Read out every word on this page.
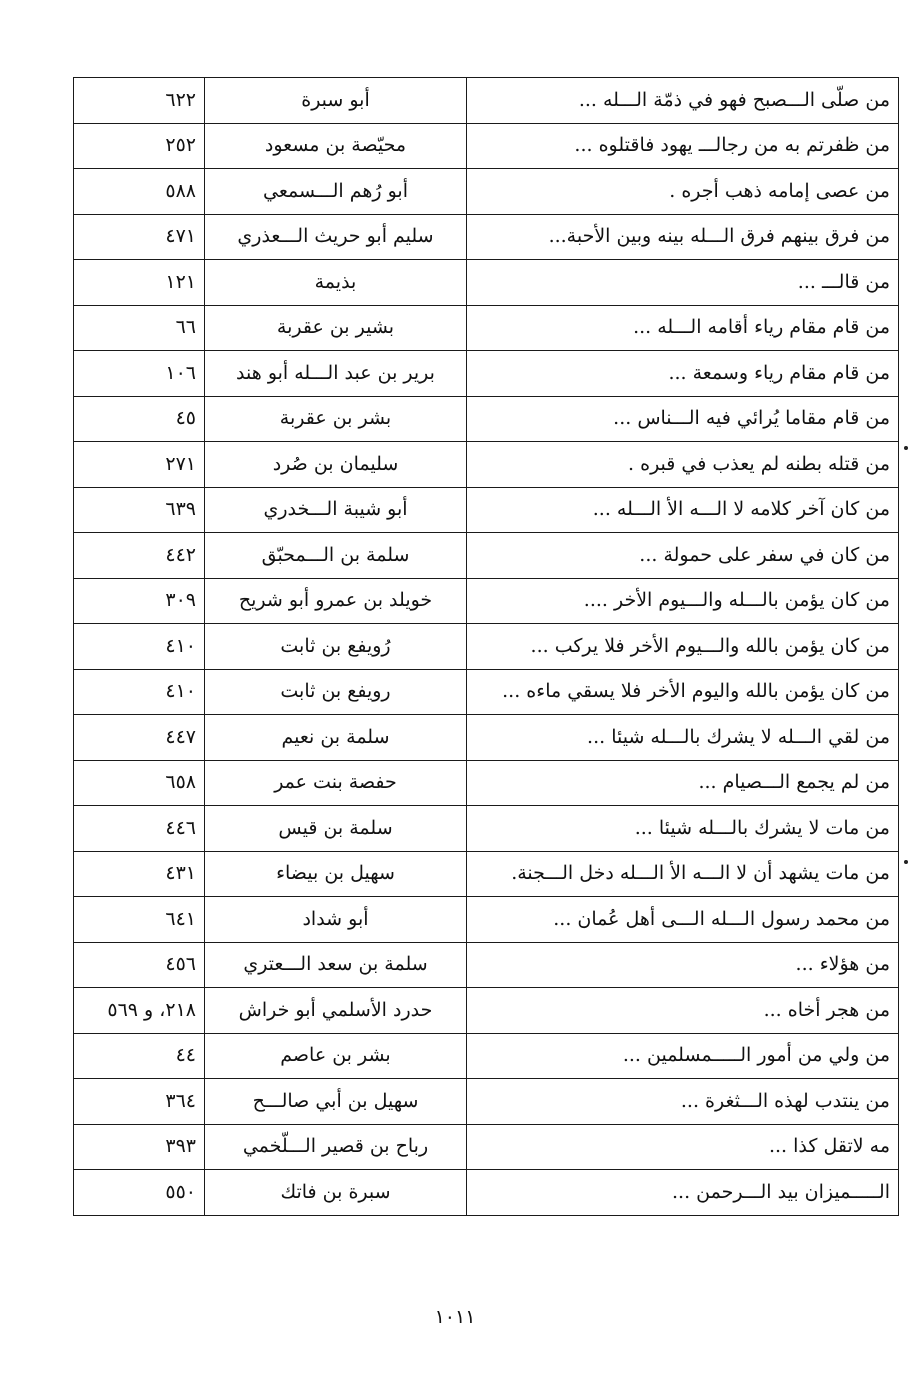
من صلّى الـــصبح فهو في ذمّة الـــله ...	أبو سبرة	٦٢٢
من ظفرتم به من رجالـــ يهود فاقتلوه ...	محيّصة بن مسعود	٢٥٢
من عصى إمامه ذهب أجره .	أبو رُهم الـــسمعي	٥٨٨
من فرق بينهم فرق الـــله بينه وبين الأحبة...	سليم أبو حريث الـــعذري	٤٧١
من قالـــ ...	بذيمة	١٢١
من قام مقام رياء أقامه الـــله ...	بشير بن عقربة	٦٦
من قام مقام رياء وسمعة ...	برير بن عبد الـــله أبو هند	١٠٦
من قام مقاما يُرائي فيه الـــناس ...	بشر بن عقربة	٤٥
من قتله بطنه لم يعذب في قبره .	سليمان بن صُرد	٢٧١
من كان آخر كلامه لا الـــه الأ الـــله ...	أبو شيبة الـــخدري	٦٣٩
من كان في سفر على حمولة ...	سلمة بن الـــمحبّق	٤٤٢
من كان يؤمن بالـــله والـــيوم الأخر ....	خويلد بن عمرو أبو شريح	٣٠٩
من كان يؤمن بالله والـــيوم الأخر فلا يركب ...	رُويفع بن ثابت	٤١٠
من كان يؤمن بالله واليوم الأخر فلا يسقي ماءه ...	رويفع بن ثابت	٤١٠
من لقي الـــله لا يشرك بالـــله شيئا ...	سلمة بن نعيم	٤٤٧
من لم يجمع الـــصيام ...	حفصة بنت عمر	٦٥٨
من مات لا يشرك بالـــله شيئا ...	سلمة بن قيس	٤٤٦
من مات يشهد أن لا الـــه الأ الـــله دخل الـــجنة.	سهيل بن بيضاء	٤٣١
من محمد رسول الـــله الـــى أهل عُمان ...	أبو شداد	٦٤١
من هؤلاء ...	سلمة بن سعد الـــعتري	٤٥٦
من هجر أخاه ...	حدرد الأسلمي أبو خراش	٢١٨، و ٥٦٩
من ولي من أمور الـــــمسلمين ...	بشر بن عاصم	٤٤
من ينتدب لهذه الـــثغرة ...	سهيل بن أبي صالـــح	٣٦٤
مه لاتقل كذا ...	رباح بن قصير الـــلّخمي	٣٩٣
الـــــميزان بيد الـــرحمن ...	سبرة بن فاتك	٥٥٠
١٠١١
